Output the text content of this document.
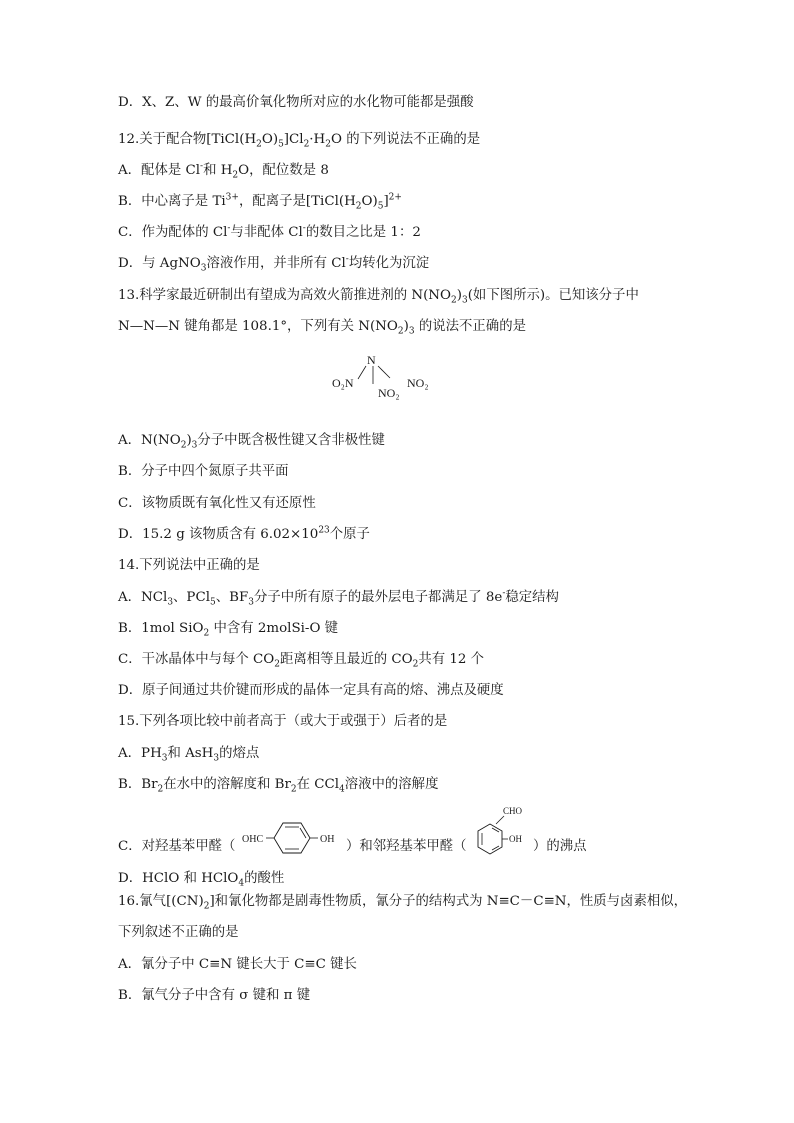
D．X、Z、W 的最高价氧化物所对应的水化物可能都是强酸
12.关于配合物$[TiCl(H_2O)_5]Cl_2\cdot H_2O$ 的下列说法不正确的是
A．配体是 Cl-和 $H_2O$，配位数是 8
B．中心离子是 $Ti^{3+}$，配离子是$[TiCl(H_2O)_5]^{2+}$
C．作为配体的 Cl-与非配体 Cl-的数目之比是 1：2
D．与 AgNO$_3$溶液作用，并非所有 Cl-均转化为沉淀
13.科学家最近研制出有望成为高效火箭推进剂的 $N(NO_2)_3$(如下图所示)。已知该分子中
N—N—N 键角都是 108.1°，下列有关 $N(NO_2)_3$ 的说法不正确的是
N
O₂N
NO₂
NO₂
A．$N(NO_2)_3$分子中既含极性键又含非极性键
B．分子中四个氮原子共平面
C．该物质既有氧化性又有还原性
D．15.2 g 该物质含有 $6.02\times 10^{23}$个原子
14.下列说法中正确的是
A．NCl$_3$、PCl$_5$、$BF_3$分子中所有原子的最外层电子都满足了 8e-稳定结构
B．1mol SiO$_2$ 中含有 2molSi-O 键
C．干冰晶体中与每个 $CO_2$距离相等且最近的 $CO_2$共有 12 个
D．原子间通过共价键而形成的晶体一定具有高的熔、沸点及硬度
15.下列各项比较中前者高于（或大于或强于）后者的是
A．$PH_3$和 AsH$_3$的熔点
B．$Br_2$在水中的溶解度和 $Br_2$在 CCl$_4$溶液中的溶解度
C．对羟基苯甲醛（ OHC	OH ）和邻羟基苯甲醛（
CHO
OH ）的沸点
D．HClO 和 HClO$_4$的酸性
16.氰气$[(CN)_2]$和氰化物都是剧毒性物质，氰分子的结构式为 N≡C－C≡N，性质与卤素相似，
下列叙述不正确的是
A．氰分子中 C≡N 键长大于 C≡C 键长
B．氰气分子中含有 σ 键和 π 键
